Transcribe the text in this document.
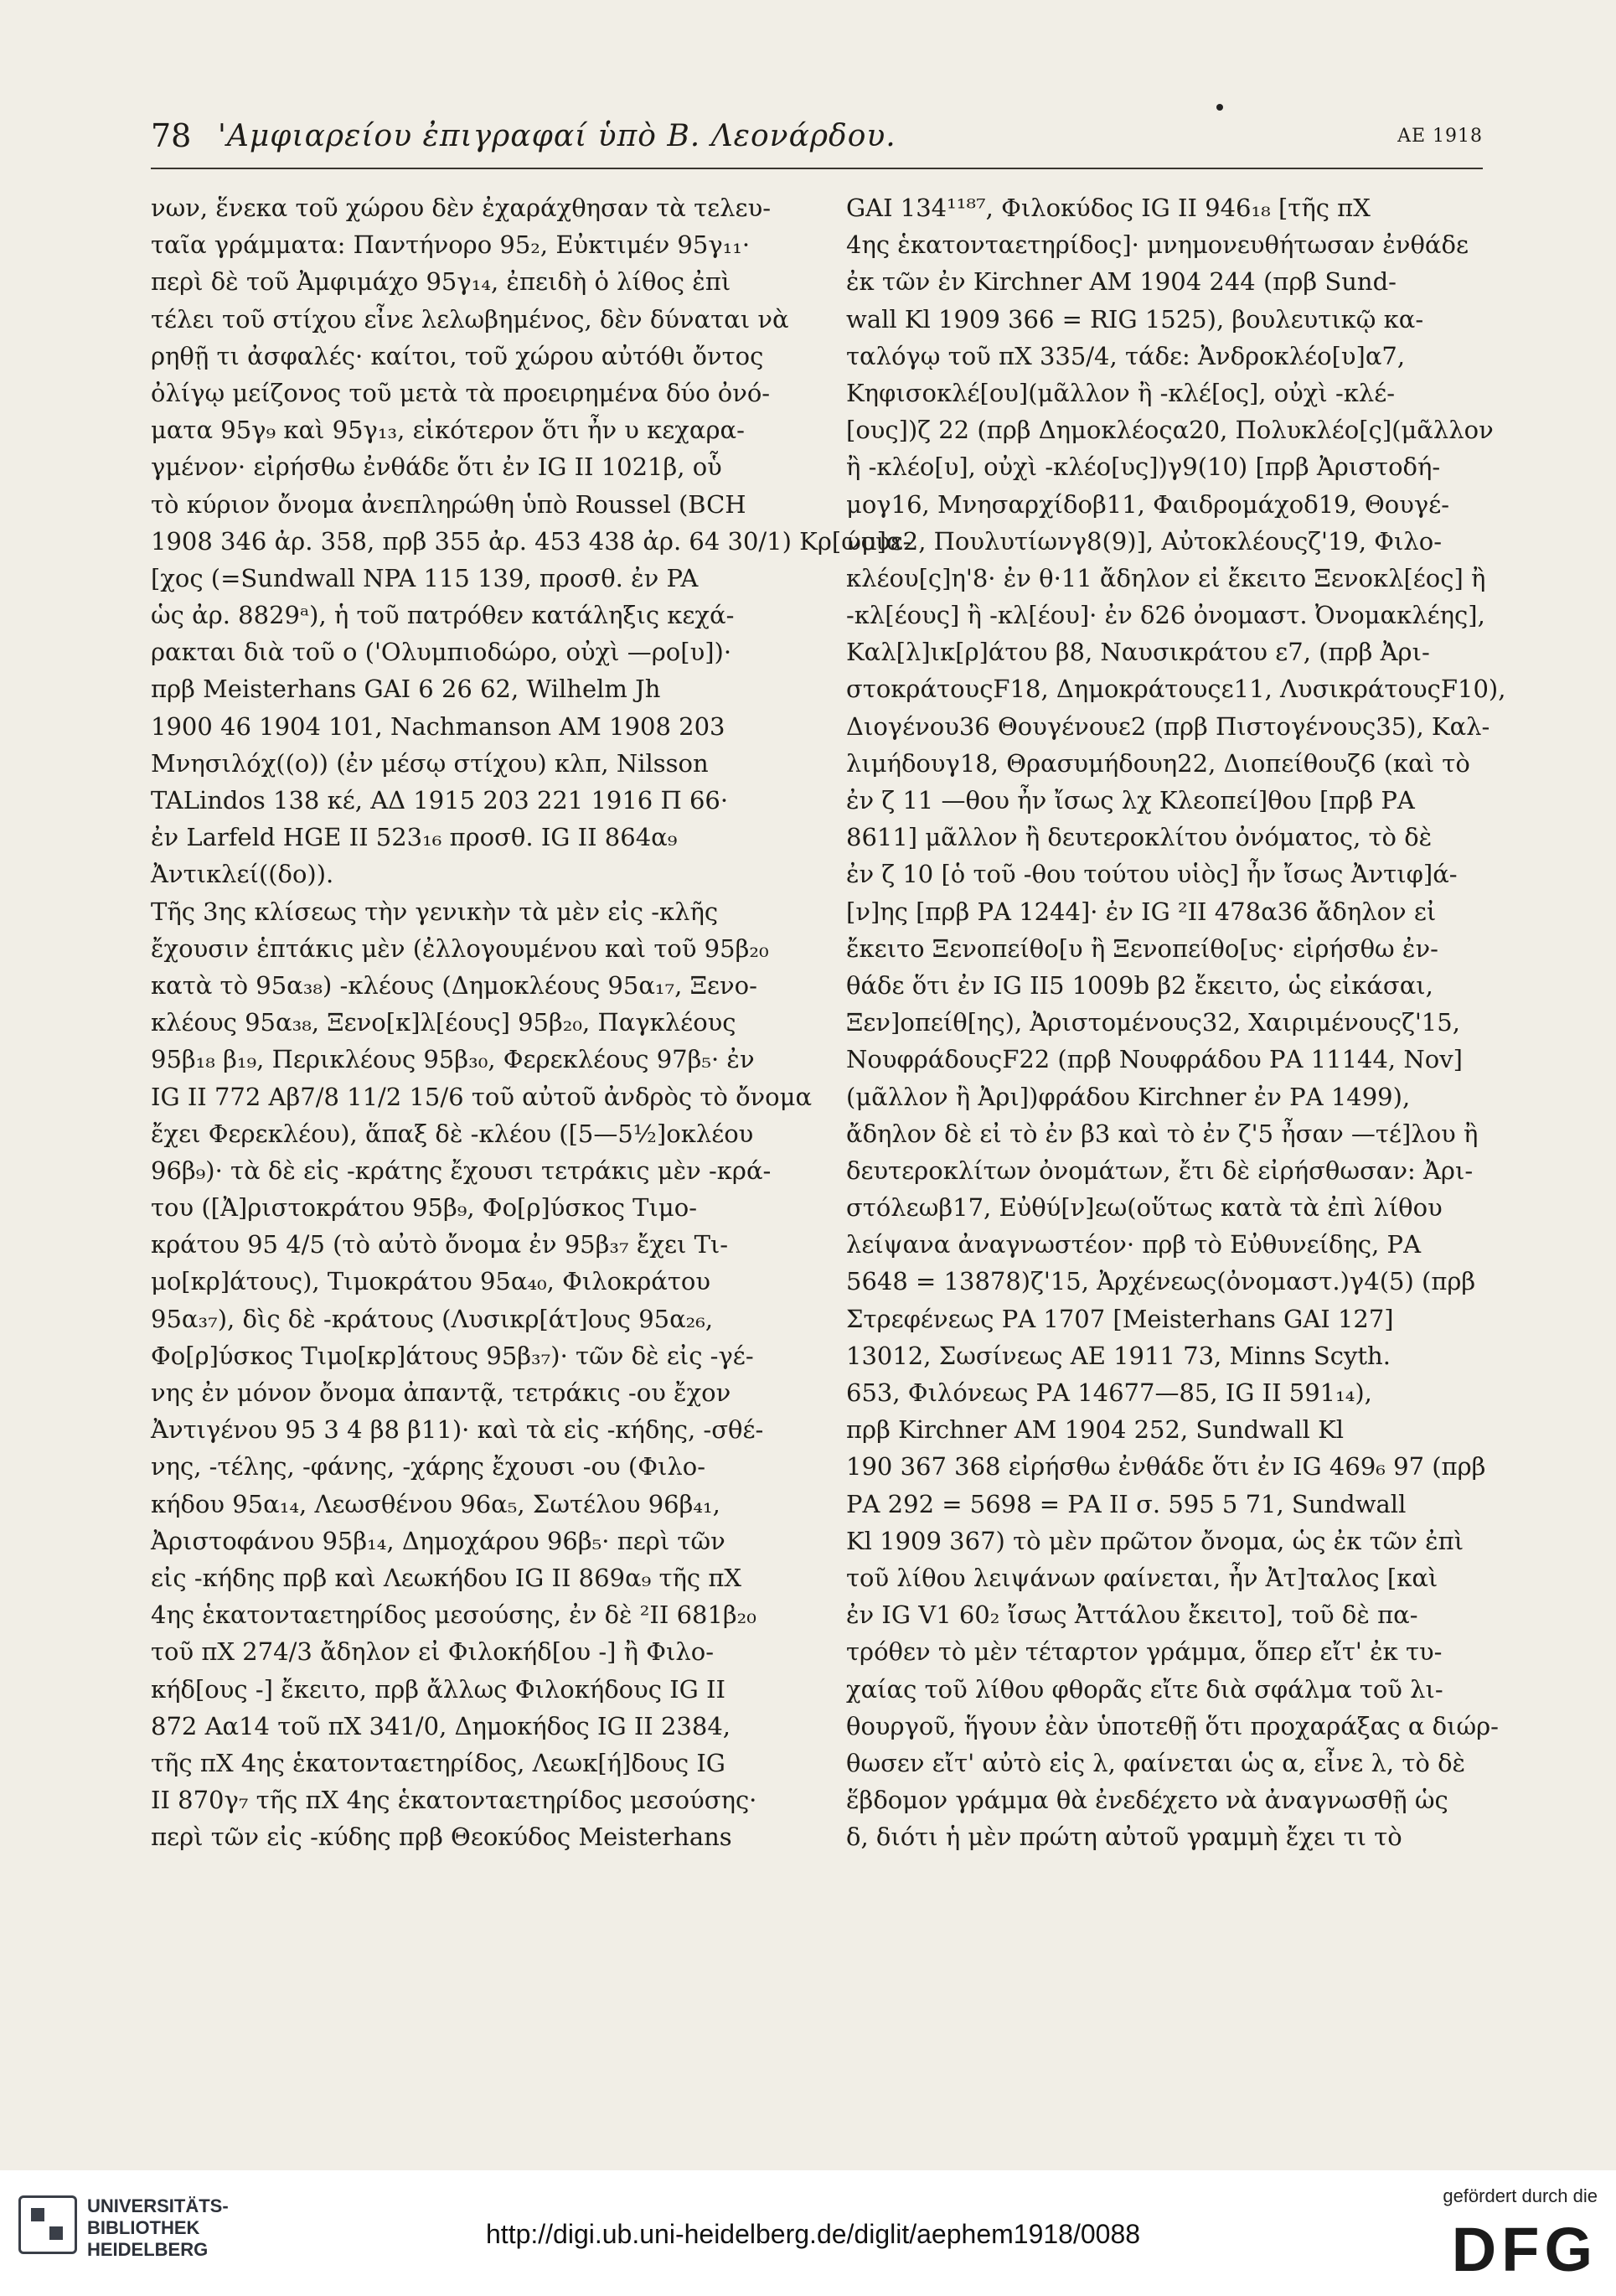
78 'Αμφιαρείου ἐπιγραφαί ὑπὸ Β. Λεονάρδου.	ΑΕ 1918
νων, ἕνεκα τοῦ χώρου δὲν ἐχαράχθησαν τὰ τελευ-
ταῖα γράμματα: Παντήνορο 95₂, Εὐκτιμέν 95γ₁₁·
περὶ δὲ τοῦ Ἀμφιμάχο 95γ₁₄, ἐπειδὴ ὁ λίθος ἐπὶ
τέλει τοῦ στίχου εἶνε λελωβημένος, δὲν δύναται νὰ
ρηθῇ τι ἀσφαλές· καίτοι, τοῦ χώρου αὐτόθι ὄντος
ὀλίγῳ μείζονος τοῦ μετὰ τὰ προειρημένα δύο ὀνό-
ματα 95γ₉ καὶ 95γ₁₃, εἰκότερον ὅτι ἦν υ κεχαρα-
γμένον· εἰρήσθω ἐνθάδε ὅτι ἐν IG II 1021β, οὗ
τὸ κύριον ὄνομα ἀνεπληρώθη ὑπὸ Roussel (BCH
1908 346 ἀρ. 358, πρβ 355 ἀρ. 453 438 ἀρ. 64 30/1) Κρ[ώμ]α-
[χος (=Sundwall NPA 115 139, προσθ. ἐν PA
ὡς ἀρ. 8829ᵃ), ἡ τοῦ πατρόθεν κατάληξις κεχά-
ρακται διὰ τοῦ ο ('Ολυμπιοδώρο, οὐχὶ —ρο[υ])·
πρβ Meisterhans GAI 6 26 62, Wilhelm Jh
1900 46 1904 101, Nachmanson AM 1908 203
Μνησιλόχ((ο)) (ἐν μέσῳ στίχου) κλπ, Nilsson
TALindos 138 κέ, ΑΔ 1915 203 221 1916 Π 66·
ἐν Larfeld HGE II 523₁₆ προσθ. IG II 864α₉
Ἀντικλεί((δο)).
Τῆς 3ης κλίσεως τὴν γενικὴν τὰ μὲν εἰς -κλῆς
ἔχουσιν ἑπτάκις μὲν (ἐλλογουμένου καὶ τοῦ 95β₂₀
κατὰ τὸ 95α₃₈) -κλέους (Δημοκλέους 95α₁₇, Ξενο-
κλέους 95α₃₈, Ξενο[κ]λ[έους] 95β₂₀, Παγκλέους
95β₁₈ β₁₉, Περικλέους 95β₃₀, Φερεκλέους 97β₅· ἐν
IG II 772 Αβ7/8 11/2 15/6 τοῦ αὐτοῦ ἀνδρὸς τὸ ὄνομα
ἔχει Φερεκλέου), ἅπαξ δὲ -κλέου ([5—5½]οκλέου
96β₉)· τὰ δὲ εἰς -κράτης ἔχουσι τετράκις μὲν -κρά-
του ([Ἀ]ριστοκράτου 95β₉, Φο[ρ]ύσκος Τιμο-
κράτου 95 4/5 (τὸ αὐτὸ ὄνομα ἐν 95β₃₇ ἔχει Τι-
μο[κρ]άτους), Τιμοκράτου 95α₄₀, Φιλοκράτου
95α₃₇), δὶς δὲ -κράτους (Λυσικρ[άτ]ους 95α₂₆,
Φο[ρ]ύσκος Τιμο[κρ]άτους 95β₃₇)· τῶν δὲ εἰς -γέ-
νης ἐν μόνον ὄνομα ἀπαντᾷ, τετράκις -ου ἔχον
Ἀντιγένου 95 3 4 β8 β11)· καὶ τὰ εἰς -κήδης, -σθέ-
νης, -τέλης, -φάνης, -χάρης ἔχουσι -ου (Φιλο-
κήδου 95α₁₄, Λεωσθένου 96α₅, Σωτέλου 96β₄₁,
Ἀριστοφάνου 95β₁₄, Δημοχάρου 96β₅· περὶ τῶν
εἰς -κήδης πρβ καὶ Λεωκήδου IG II 869α₉ τῆς πΧ
4ης ἑκατονταετηρίδος μεσούσης, ἐν δὲ ²II 681β₂₀
τοῦ πΧ 274/3 ἄδηλον εἰ Φιλοκήδ[ου -] ἢ Φιλο-
κήδ[ους -] ἔκειτο, πρβ ἄλλως Φιλοκήδους IG II
872 Αα14 τοῦ πΧ 341/0, Δημοκήδος IG II 2384,
τῆς πΧ 4ης ἑκατονταετηρίδος, Λεωκ[ή]δους IG
II 870γ₇ τῆς πΧ 4ης ἑκατονταετηρίδος μεσούσης·
περὶ τῶν εἰς -κύδης πρβ Θεοκύδος Meisterhans
GAI 134¹¹⁸⁷, Φιλοκύδος IG II 946₁₈ [τῆς πΧ
4ης ἑκατονταετηρίδος]· μνημονευθήτωσαν ἐνθάδε
ἐκ τῶν ἐν Kirchner AM 1904 244 (πρβ Sund-
wall Kl 1909 366 = RIG 1525), βουλευτικῷ κα-
ταλόγῳ τοῦ πΧ 335/4, τάδε: Ἀνδροκλέο[υ]α7,
Κηφισοκλέ[ου](μᾶλλον ἢ -κλέ[ος], οὐχὶ -κλέ-
[ους])ζ 22 (πρβ Δημοκλέοςα20, Πολυκλέο[ς](μᾶλλον
ἢ -κλέο[υ], οὐχὶ -κλέο[υς])γ9(10) [πρβ Ἀριστοδή-
μογ16, Μνησαρχίδοβ11, Φαιδρομάχοδ19, Θουγέ-
νουε2, Πουλυτίωνγ8(9)], Αὐτοκλέουςζ'19, Φιλο-
κλέου[ς]η'8· ἐν θ·11 ἄδηλον εἰ ἔκειτο Ξενοκλ[έος] ἢ
-κλ[έους] ἢ -κλ[έου]· ἐν δ26 ὀνομαστ. Ὀνομακλέης],
Καλ[λ]ικ[ρ]άτου β8, Ναυσικράτου ε7, (πρβ Ἀρι-
στοκράτουςF18, Δημοκράτουςε11, ΛυσικράτουςF10),
Διογένου36 Θουγένουε2 (πρβ Πιστογένους35), Καλ-
λιμήδουγ18, Θρασυμήδουη22, Διοπείθουζ6 (καὶ τὸ
ἐν ζ 11 —θου ἦν ἴσως λχ Κλεοπεί]θου [πρβ ΡΑ
8611] μᾶλλον ἢ δευτεροκλίτου ὀνόματος, τὸ δὲ
ἐν ζ 10 [ὁ τοῦ -θου τούτου υἱὸς] ἦν ἴσως Ἀντιφ]ά-
[ν]ης [πρβ ΡΑ 1244]· ἐν IG ²II 478α36 ἄδηλον εἰ
ἔκειτο Ξενοπείθο[υ ἢ Ξενοπείθο[υς· εἰρήσθω ἐν-
θάδε ὅτι ἐν IG II5 1009b β2 ἔκειτο, ὡς εἰκάσαι,
Ξεν]οπείθ[ης), Ἀριστομένους32, Χαιριμένουςζ'15,
ΝουφράδουςF22 (πρβ Νουφράδου ΡΑ 11144, Nov]
(μᾶλλον ἢ Ἀρι])φράδου Kirchner ἐν ΡΑ 1499),
ἄδηλον δὲ εἰ τὸ ἐν β3 καὶ τὸ ἐν ζ'5 ἦσαν —τέ]λου ἢ
δευτεροκλίτων ὀνομάτων, ἔτι δὲ εἰρήσθωσαν: Ἀρι-
στόλεωβ17, Εὐθύ[ν]εω(οὕτως κατὰ τὰ ἐπὶ λίθου
λείψανα ἀναγνωστέον· πρβ τὸ Εὐθυνείδης, ΡΑ
5648 = 13878)ζ'15, Ἀρχένεως(ὀνομαστ.)γ4(5) (πρβ
Στρεφένεως ΡΑ 1707 [Meisterhans GAI 127]
13012, Σωσίνεως ΑΕ 1911 73, Minns Scyth.
653, Φιλόνεως ΡΑ 14677—85, IG II 591₁₄),
πρβ Kirchner AM 1904 252, Sundwall Kl
190 367 368 εἰρήσθω ἐνθάδε ὅτι ἐν IG 469₆ 97 (πρβ
ΡΑ 292 = 5698 = ΡΑ II σ. 595 5 71, Sundwall
Kl 1909 367) τὸ μὲν πρῶτον ὄνομα, ὡς ἐκ τῶν ἐπὶ
τοῦ λίθου λειψάνων φαίνεται, ἦν Ἀτ]ταλος [καὶ
ἐν IG V1 60₂ ἴσως Ἀττάλου ἔκειτο], τοῦ δὲ πα-
τρόθεν τὸ μὲν τέταρτον γράμμα, ὅπερ εἴτ' ἐκ τυ-
χαίας τοῦ λίθου φθορᾶς εἴτε διὰ σφάλμα τοῦ λι-
θουργοῦ, ἥγουν ἐὰν ὑποτεθῇ ὅτι προχαράξας α διώρ-
θωσεν εἴτ' αὐτὸ εἰς λ, φαίνεται ὡς α, εἶνε λ, τὸ δὲ
ἕβδομον γράμμα θὰ ἐνεδέχετο νὰ ἀναγνωσθῇ ὡς
δ, διότι ἡ μὲν πρώτη αὐτοῦ γραμμὴ ἔχει τι τὸ
UNIVERSITÄTS-
BIBLIOTHEK
HEIDELBERG
http://digi.ub.uni-heidelberg.de/diglit/aephem1918/0088
gefördert durch die
DFG
